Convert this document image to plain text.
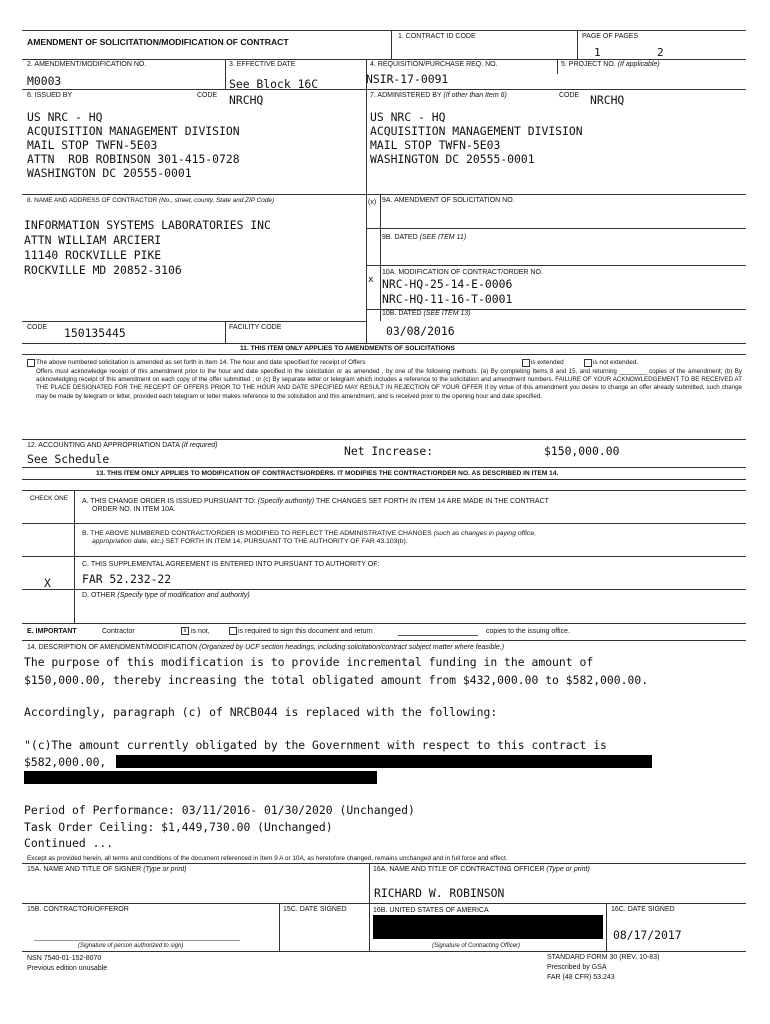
AMENDMENT OF SOLICITATION/MODIFICATION OF CONTRACT
1. CONTRACT ID CODE	PAGE OF PAGES
1	2
2. AMENDMENT/MODIFICATION NO.
M0003
3. EFFECTIVE DATE
See Block 16C
4. REQUISITION/PURCHASE REQ. NO.
NSIR-17-0091
5. PROJECT NO. (If applicable)
6. ISSUED BY	CODE NRCHQ	7. ADMINISTERED BY (If other than Item 6)	CODE NRCHQ
US NRC - HQ
ACQUISITION MANAGEMENT DIVISION
MAIL STOP TWFN-5E03
ATTN  ROB ROBINSON 301-415-0728
WASHINGTON DC 20555-0001
US NRC - HQ
ACQUISITION MANAGEMENT DIVISION
MAIL STOP TWFN-5E03
WASHINGTON DC 20555-0001
8. NAME AND ADDRESS OF CONTRACTOR (No., street, county, State and ZIP Code)
INFORMATION SYSTEMS LABORATORIES INC
ATTN WILLIAM ARCIERI
11140 ROCKVILLE PIKE
ROCKVILLE MD 20852-3106
(x) 9A. AMENDMENT OF SOLICITATION NO.
9B. DATED (SEE ITEM 11)
10A. MODIFICATION OF CONTRACT/ORDER NO.
x NRC-HQ-25-14-E-0006
NRC-HQ-11-16-T-0001
10B. DATED (SEE ITEM 13)
03/08/2016
CODE 150135445	FACILITY CODE
11. THIS ITEM ONLY APPLIES TO AMENDMENTS OF SOLICITATIONS
The above numbered solicitation is amended as set forth in Item 14. The hour and date specified for receipt of Offers	is extended	is not extended.
Offers must acknowledge receipt of this amendment prior to the hour and date specified in the solicitation or as amended , by one of the following methods: (a) By completing Items 8 and 15, and returning ________ copies of the amendment; (b) By acknowledging receipt of this amendment on each copy of the offer submitted ; or (c) By separate letter or telegram which includes a reference to the solicitation and amendment numbers. FAILURE OF YOUR ACKNOWLEDGEMENT TO BE RECEIVED AT THE PLACE DESIGNATED FOR THE RECEIPT OF OFFERS PRIOR TO THE HOUR AND DATE SPECIFIED MAY RESULT IN REJECTION OF YOUR OFFER If by virtue of this amendment you desire to change an offer already submitted, such change may be made by telegram or letter, provided each telegram or letter makes reference to the solicitation and this amendment, and is received prior to the opening hour and date specified.
12. ACCOUNTING AND APPROPRIATION DATA (If required)
See Schedule
Net Increase:	$150,000.00
13. THIS ITEM ONLY APPLIES TO MODIFICATION OF CONTRACTS/ORDERS. IT MODIFIES THE CONTRACT/ORDER NO. AS DESCRIBED IN ITEM 14.
CHECK ONE A. THIS CHANGE ORDER IS ISSUED PURSUANT TO: (Specify authority) THE CHANGES SET FORTH IN ITEM 14 ARE MADE IN THE CONTRACT
ORDER NO. IN ITEM 10A.
B. THE ABOVE NUMBERED CONTRACT/ORDER IS MODIFIED TO REFLECT THE ADMINISTRATIVE CHANGES (such as changes in paying office,
appropriation date, etc.) SET FORTH IN ITEM 14, PURSUANT TO THE AUTHORITY OF FAR 43.103(b).
C. THIS SUPPLEMENTAL AGREEMENT IS ENTERED INTO PURSUANT TO AUTHORITY OF:
X	FAR 52.232-22
D. OTHER (Specify type of modification and authority)
E. IMPORTANT	Contractor	x is not,	is required to sign this document and return	copies to the issuing office.
14. DESCRIPTION OF AMENDMENT/MODIFICATION (Organized by UCF section headings, including solicitation/contract subject matter where feasible.)
The purpose of this modification is to provide incremental funding in the amount of
$150,000.00, thereby increasing the total obligated amount from $432,000.00 to $582,000.00.
Accordingly, paragraph (c) of NRCB044 is replaced with the following:
"(c)The amount currently obligated by the Government with respect to this contract is
$582,000.00,
Period of Performance: 03/11/2016- 01/30/2020 (Unchanged)
Task Order Ceiling: $1,449,730.00 (Unchanged)
Continued ...
Except as provided herein, all terms and conditions of the document referenced in Item 9 A or 10A, as heretofore changed, remains unchanged and in full force and effect.
15A. NAME AND TITLE OF SIGNER (Type or print)	16A. NAME AND TITLE OF CONTRACTING OFFICER (Type or print)
RICHARD W. ROBINSON
15B. CONTRACTOR/OFFEROR	15C. DATE SIGNED	16B. UNITED STATES OF AMERICA	16C. DATE SIGNED
08/17/2017
(Signature of person authorized to sign)	(Signature of Contracting Officer)
NSN 7540-01-152-8070
Previous edition unusable
STANDARD FORM 30 (REV. 10-83)
Prescribed by GSA
FAR (48 CFR) 53.243
